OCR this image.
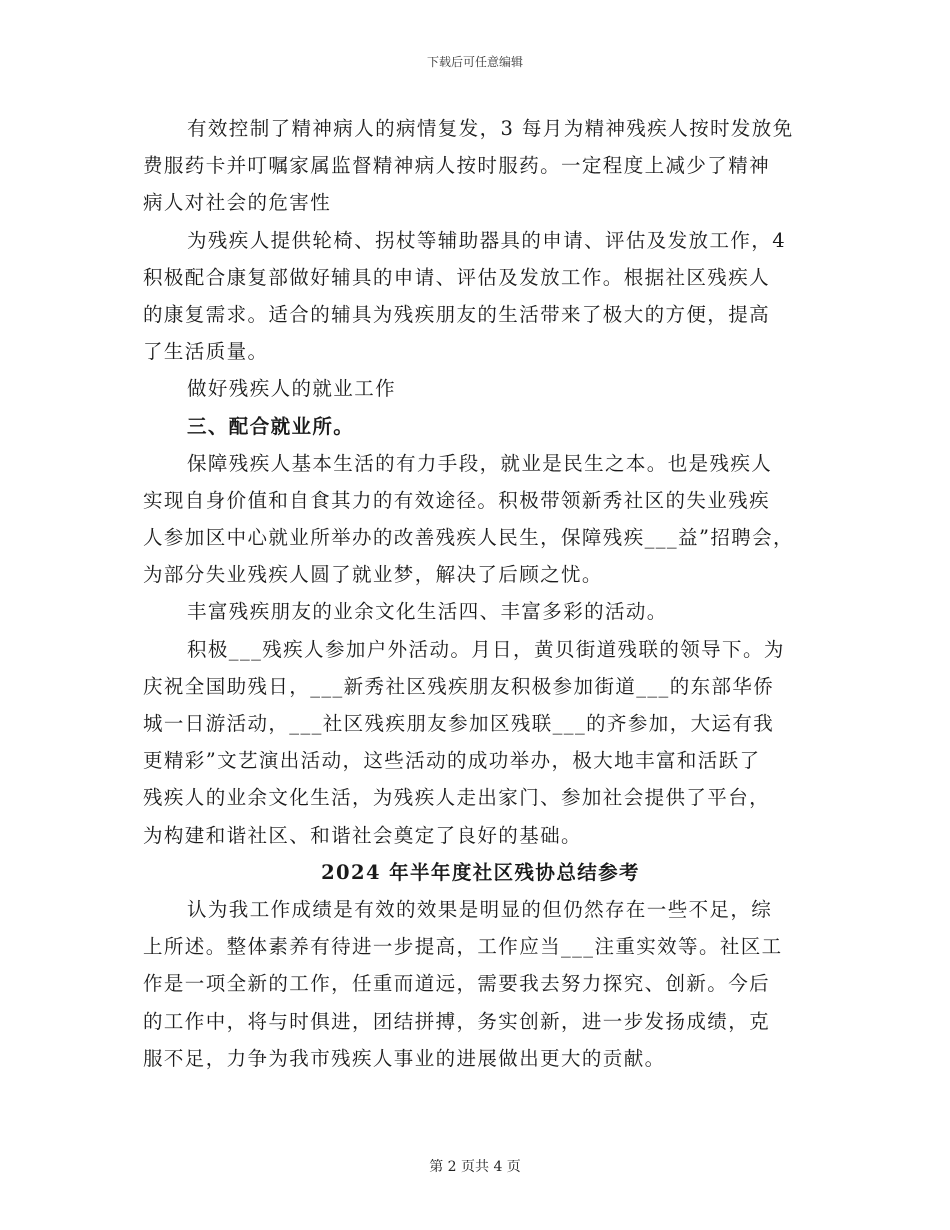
下载后可任意编辑
有效控制了精神病人的病情复发，3 每月为精神残疾人按时发放免
费服药卡并叮嘱家属监督精神病人按时服药。一定程度上减少了精神
病人对社会的危害性
为残疾人提供轮椅、拐杖等辅助器具的申请、评估及发放工作，4
积极配合康复部做好辅具的申请、评估及发放工作。根据社区残疾人
的康复需求。适合的辅具为残疾朋友的生活带来了极大的方便，提高
了生活质量。
做好残疾人的就业工作
三、配合就业所。
保障残疾人基本生活的有力手段，就业是民生之本。也是残疾人
实现自身价值和自食其力的有效途径。积极带领新秀社区的失业残疾
人参加区中心就业所举办的改善残疾人民生，保障残疾___益”招聘会，
为部分失业残疾人圆了就业梦，解决了后顾之忧。
丰富残疾朋友的业余文化生活四、丰富多彩的活动。
积极___残疾人参加户外活动。月日，黄贝街道残联的领导下。为
庆祝全国助残日，___新秀社区残疾朋友积极参加街道___的东部华侨
城一日游活动，___社区残疾朋友参加区残联___的齐参加，大运有我
更精彩”文艺演出活动，这些活动的成功举办，极大地丰富和活跃了
残疾人的业余文化生活，为残疾人走出家门、参加社会提供了平台，
为构建和谐社区、和谐社会奠定了良好的基础。
2024 年半年度社区残协总结参考
认为我工作成绩是有效的效果是明显的但仍然存在一些不足，综
上所述。整体素养有待进一步提高，工作应当___注重实效等。社区工
作是一项全新的工作，任重而道远，需要我去努力探究、创新。今后
的工作中，将与时俱进，团结拼搏，务实创新，进一步发扬成绩，克
服不足，力争为我市残疾人事业的进展做出更大的贡献。
第 2 页共 4 页
